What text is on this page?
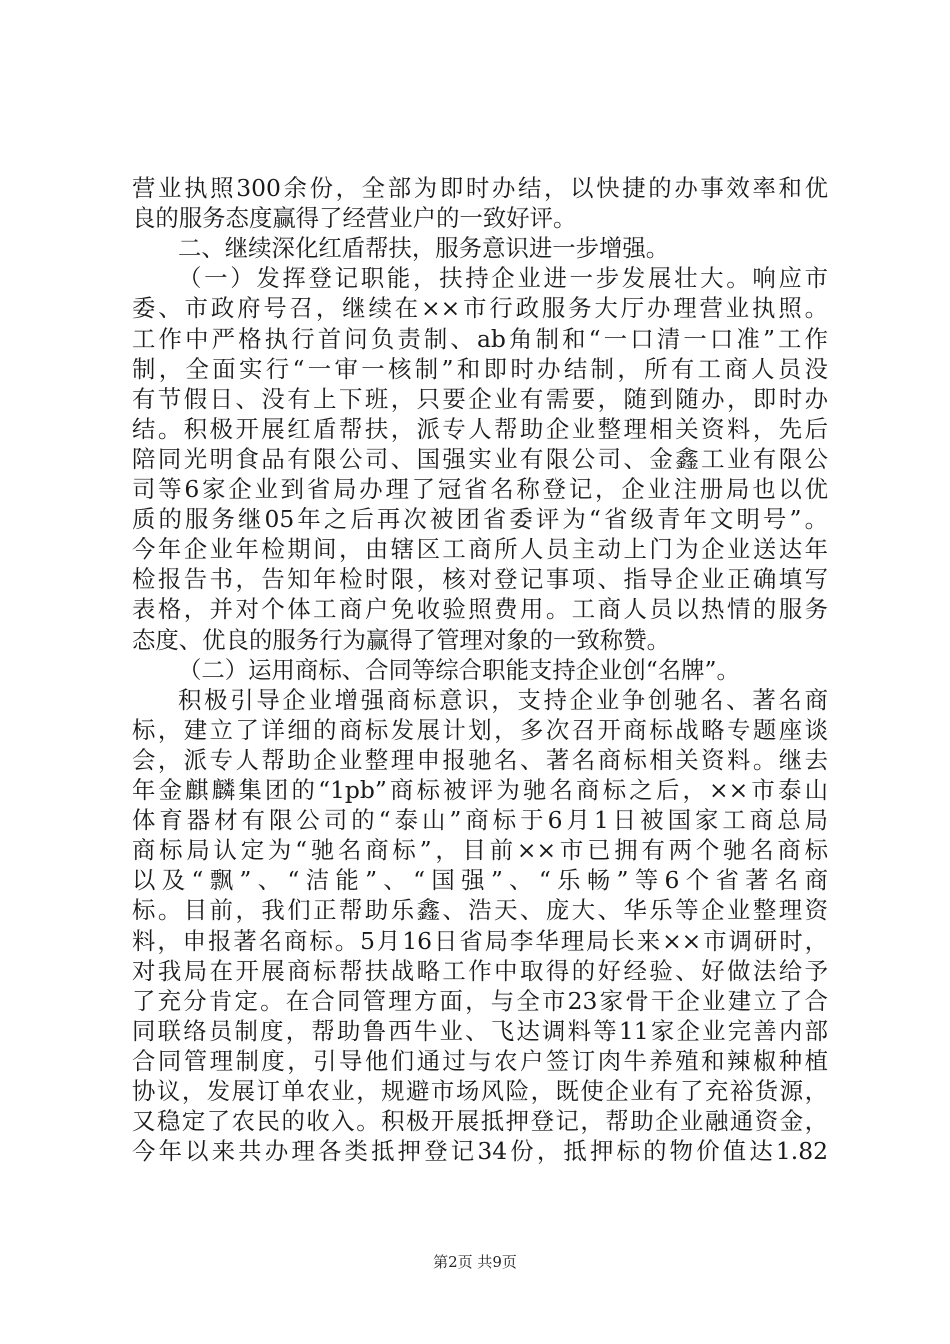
营业执照300余份，全部为即时办结，以快捷的办事效率和优
良的服务态度赢得了经营业户的一致好评。
二、继续深化红盾帮扶，服务意识进一步增强。
（一）发挥登记职能，扶持企业进一步发展壮大。响应市
委、市政府号召，继续在××市行政服务大厅办理营业执照。
工作中严格执行首问负责制、ab角制和“一口清一口准”工作
制，全面实行“一审一核制”和即时办结制，所有工商人员没
有节假日、没有上下班，只要企业有需要，随到随办，即时办
结。积极开展红盾帮扶，派专人帮助企业整理相关资料，先后
陪同光明食品有限公司、国强实业有限公司、金鑫工业有限公
司等6家企业到省局办理了冠省名称登记，企业注册局也以优
质的服务继05年之后再次被团省委评为“省级青年文明号”。
今年企业年检期间，由辖区工商所人员主动上门为企业送达年
检报告书，告知年检时限，核对登记事项、指导企业正确填写
表格，并对个体工商户免收验照费用。工商人员以热情的服务
态度、优良的服务行为赢得了管理对象的一致称赞。
（二）运用商标、合同等综合职能支持企业创“名牌”。
积极引导企业增强商标意识，支持企业争创驰名、著名商
标，建立了详细的商标发展计划，多次召开商标战略专题座谈
会，派专人帮助企业整理申报驰名、著名商标相关资料。继去
年金麒麟集团的“1pb”商标被评为驰名商标之后，××市泰山
体育器材有限公司的“泰山”商标于6月1日被国家工商总局
商标局认定为“驰名商标”，目前××市已拥有两个驰名商标
以及“飘”、“洁能”、“国强”、“乐畅”等6个省著名商
标。目前，我们正帮助乐鑫、浩天、庞大、华乐等企业整理资
料，申报著名商标。5月16日省局李华理局长来××市调研时，
对我局在开展商标帮扶战略工作中取得的好经验、好做法给予
了充分肯定。在合同管理方面，与全市23家骨干企业建立了合
同联络员制度，帮助鲁西牛业、飞达调料等11家企业完善内部
合同管理制度，引导他们通过与农户签订肉牛养殖和辣椒种植
协议，发展订单农业，规避市场风险，既使企业有了充裕货源，
又稳定了农民的收入。积极开展抵押登记，帮助企业融通资金，
今年以来共办理各类抵押登记34份，抵押标的物价值达1.82
第2页 共9页
